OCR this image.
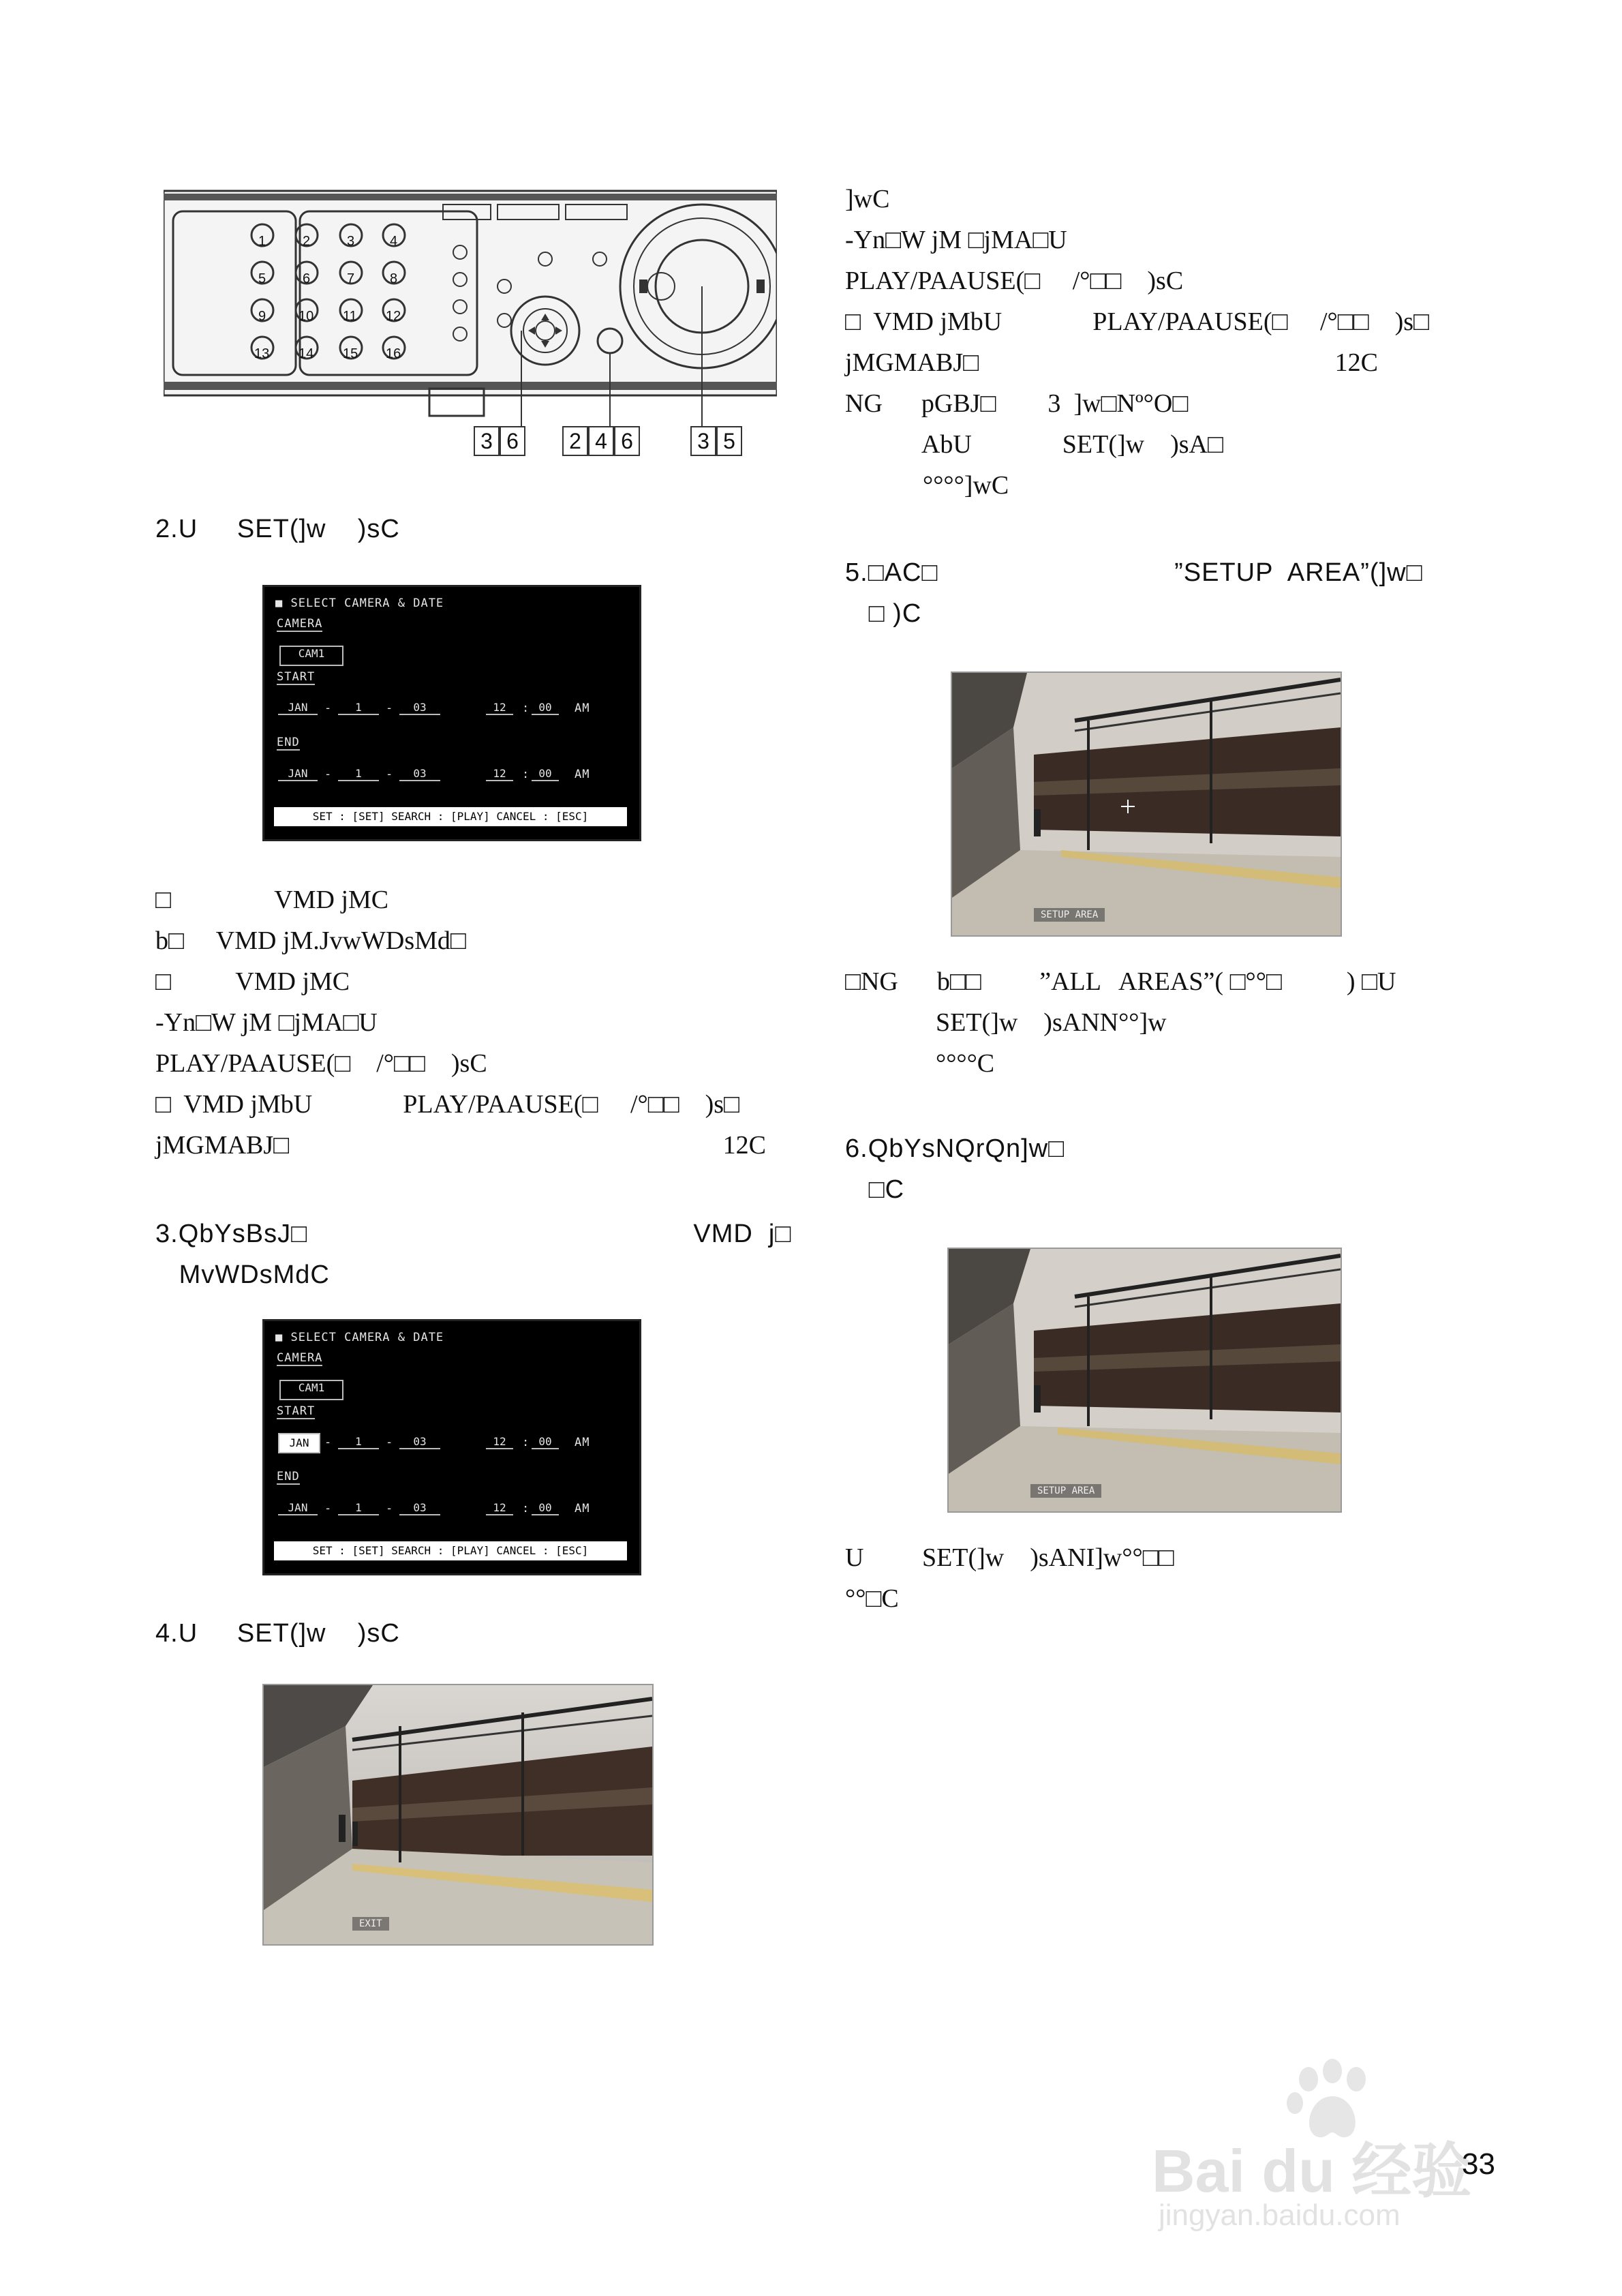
3 6	2 4 6	3 5
1	2	3	4
5	6	7	8
9 10 11 12
13 14 15 16
2.U     SET(]w    )sC
■ SELECT CAMERA & DATE
CAMERA
CAM1
START
JAN	-	1	-	03	12	: 00	AM
END
JAN	-	1	-	03	12	: 00	AM
SET : [SET] SEARCH : [PLAY] CANCEL : [ESC]
□                VMD jMC
b□     VMD jM.JvwWDsMd□
□          VMD jMC
-Yn□W jM □jMA□U
PLAY/PAAUSE(□    /°□□    )sC
□  VMD jMbU              PLAY/PAAUSE(□     /°□□    )s□
jMGMABJ□                                                                   12C
3.QbYsBsJ□                                                 VMD  j□
MvWDsMdC
■ SELECT CAMERA & DATE
CAMERA
CAM1
START
JAN	-	1	-	03	12	: 00	AM
END
JAN	-	1	-	03	12	: 00	AM
SET : [SET] SEARCH : [PLAY] CANCEL : [ESC]
4.U     SET(]w    )sC
EXIT
]wC
-Yn□W jM □jMA□U
PLAY/PAAUSE(□     /°□□    )sC
□  VMD jMbU              PLAY/PAAUSE(□     /°□□    )s□
jMGMABJ□                                                       12C
NG      pGBJ□        3  ]w□Nº°O□
AbU              SET(]w    )sA□
°°°°]wC
5.□AC□                              ”SETUP  AREA”(]w□
□ )C
SETUP AREA
□NG      b□□         ”ALL   AREAS”( □°°□          ) □U
SET(]w    )sANN°°]w
°°°°C
6.QbYsNQrQn]w□
□C
SETUP AREA
U         SET(]w    )sANI]w°°□□
°°□C
Bai du 经验
jingyan.baidu.com
33
